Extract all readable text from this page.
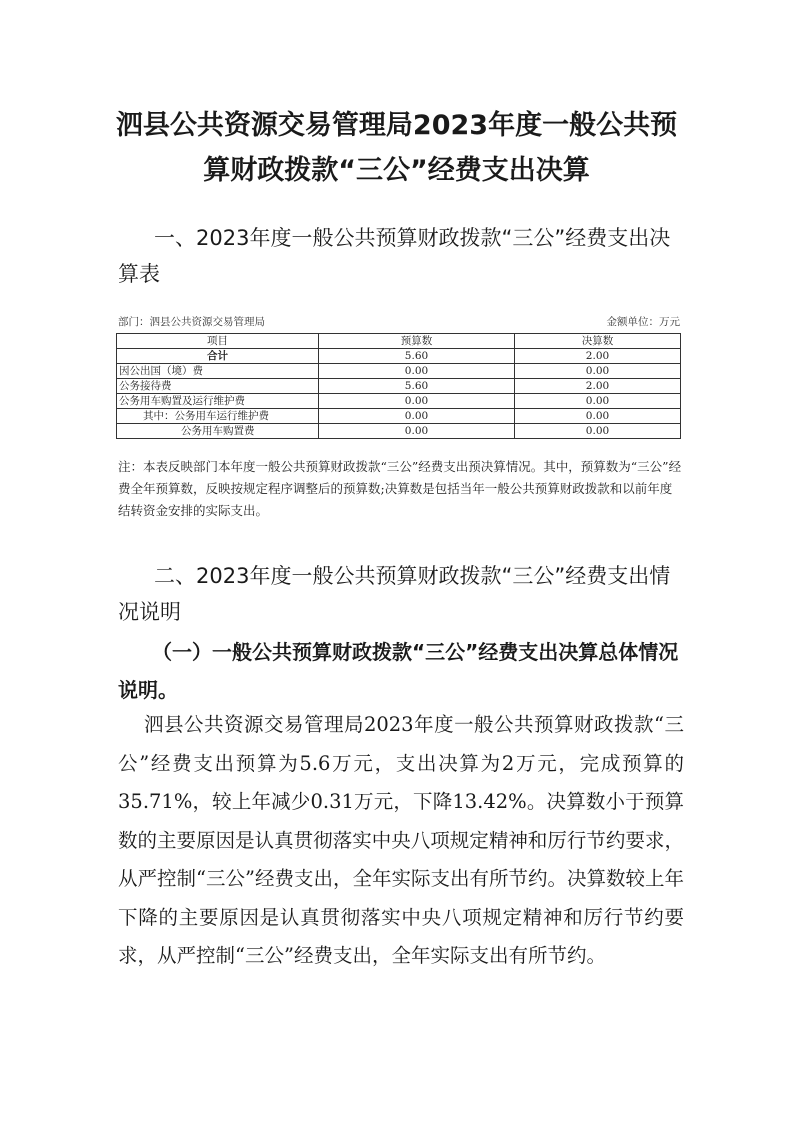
泗县公共资源交易管理局2023年度一般公共预
算财政拨款“三公”经费支出决算
一、2023年度一般公共预算财政拨款“三公”经费支出决算表
部门：泗县公共资源交易管理局	金额单位：万元
项目	预算数	决算数
合计	5.60	2.00
因公出国（境）费	0.00	0.00
公务接待费	5.60	2.00
公务用车购置及运行维护费	0.00	0.00
其中：公务用车运行维护费	0.00	0.00
公务用车购置费	0.00	0.00

注：本表反映部门本年度一般公共预算财政拨款“三公”经费支出预决算情况。其中，预算数为“三公”经费全年预算数，反映按规定程序调整后的预算数;决算数是包括当年一般公共预算财政拨款和以前年度结转资金安排的实际支出。

二、2023年度一般公共预算财政拨款“三公”经费支出情况说明
（一）一般公共预算财政拨款“三公”经费支出决算总体情况说明。

泗县公共资源交易管理局2023年度一般公共预算财政拨款“三公”经费支出预算为5.6万元，支出决算为2万元，完成预算的35.71%，较上年减少0.31万元，下降13.42%。决算数小于预算数的主要原因是认真贯彻落实中央八项规定精神和厉行节约要求，从严控制“三公”经费支出，全年实际支出有所节约。决算数较上年下降的主要原因是认真贯彻落实中央八项规定精神和厉行节约要求，从严控制“三公”经费支出，全年实际支出有所节约。
